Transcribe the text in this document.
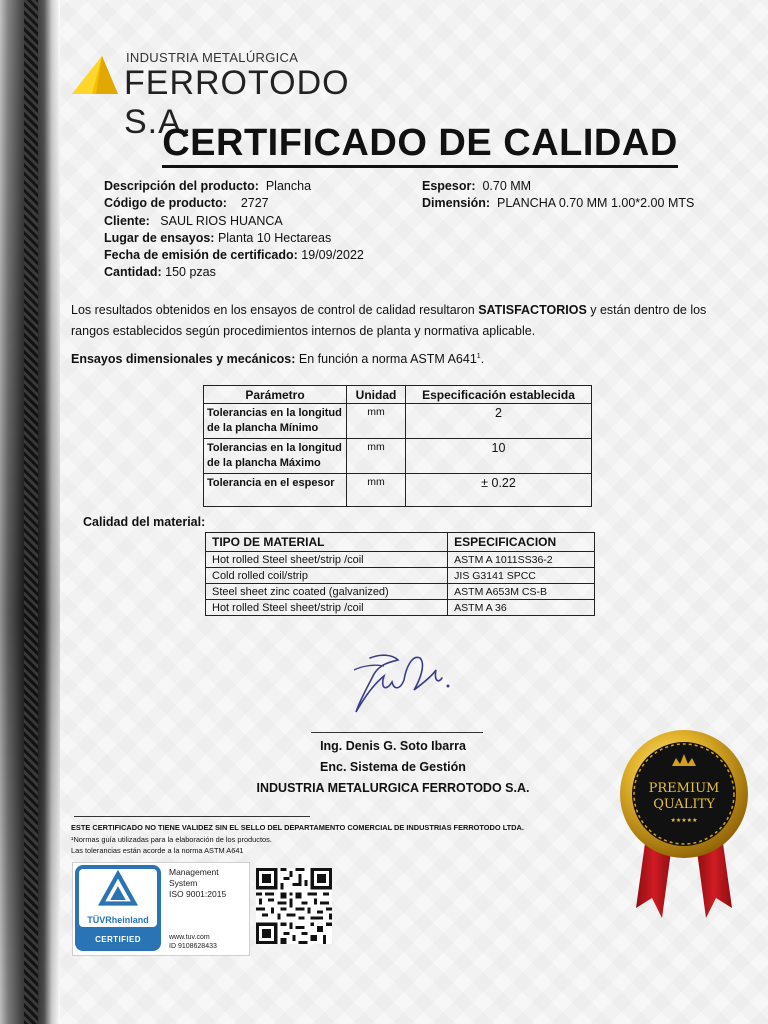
INDUSTRIA METALÚRGICA
FERROTODO S.A.
CERTIFICADO DE CALIDAD
Descripción del producto: Plancha
Código de producto: 2727
Cliente: SAUL RIOS HUANCA
Lugar de ensayos: Planta 10 Hectareas
Fecha de emisión de certificado: 19/09/2022
Cantidad: 150 pzas
Espesor: 0.70 MM
Dimensión: PLANCHA 0.70 MM 1.00*2.00 MTS
Los resultados obtenidos en los ensayos de control de calidad resultaron SATISFACTORIOS y están dentro de los rangos establecidos según procedimientos internos de planta y normativa aplicable.
Ensayos dimensionales y mecánicos: En función a norma ASTM $A641^1$.
Parámetro	Unidad	Especificación establecida
Tolerancias en la longitud
de la plancha Mínimo	mm	2
Tolerancias en la longitud
de la plancha Máximo	mm	10
Tolerancia en el espesor	mm	± 0.22
Calidad del material:
TIPO DE MATERIAL	ESPECIFICACION
Hot rolled Steel sheet/strip /coil	ASTM A 1011SS36-2
Cold rolled coil/strip	JIS G3141 SPCC
Steel sheet zinc coated (galvanized)	ASTM A653M CS-B
Hot rolled Steel sheet/strip /coil	ASTM A 36
Ing. Denis G. Soto Ibarra
Enc. Sistema de Gestión
INDUSTRIA METALURGICA FERROTODO S.A.
ESTE CERTIFICADO NO TIENE VALIDEZ SIN EL SELLO DEL DEPARTAMENTO COMERCIAL DE INDUSTRIAS FERROTODO LTDA.
¹Normas guía utilizadas para la elaboración de los productos.
Las tolerancias están acorde a la norma ASTM A641
TÜVRheinland
CERTIFIED
Management
System
ISO 9001:2015
www.tuv.com
ID 9108628433
PREMIUM
QUALITY
★★★★★
